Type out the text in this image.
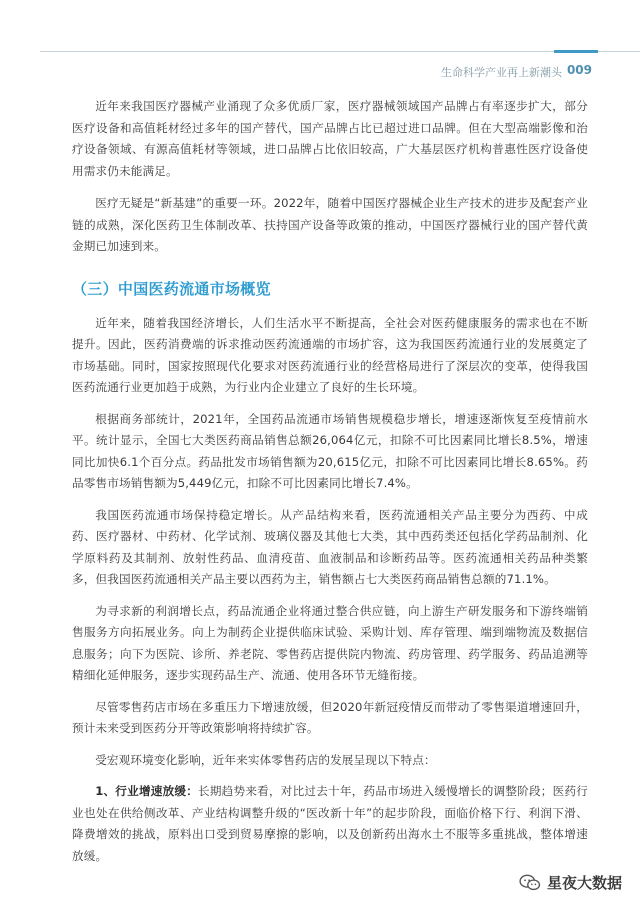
生命科学产业再上新潮头 009

近年来我国医疗器械产业涌现了众多优质厂家，医疗器械领域国产品牌占有率逐步扩大，部分医疗设备和高值耗材经过多年的国产替代，国产品牌占比已超过进口品牌。但在大型高端影像和治疗设备领域、有源高值耗材等领域，进口品牌占比依旧较高，广大基层医疗机构普惠性医疗设备使用需求仍未能满足。

医疗无疑是“新基建”的重要一环。2022年，随着中国医疗器械企业生产技术的进步及配套产业链的成熟，深化医药卫生体制改革、扶持国产设备等政策的推动，中国医疗器械行业的国产替代黄金期已加速到来。

（三）中国医药流通市场概览

近年来，随着我国经济增长，人们生活水平不断提高，全社会对医药健康服务的需求也在不断提升。因此，医药消费端的诉求推动医药流通端的市场扩容，这为我国医药流通行业的发展奠定了市场基础。同时，国家按照现代化要求对医药流通行业的经营格局进行了深层次的变革，使得我国医药流通行业更加趋于成熟，为行业内企业建立了良好的生长环境。

根据商务部统计，2021年，全国药品流通市场销售规模稳步增长，增速逐渐恢复至疫情前水平。统计显示，全国七大类医药商品销售总额26,064亿元，扣除不可比因素同比增长8.5%，增速同比加快6.1个百分点。药品批发市场销售额为20,615亿元，扣除不可比因素同比增长8.65%。药品零售市场销售额为5,449亿元，扣除不可比因素同比增长7.4%。

我国医药流通市场保持稳定增长。从产品结构来看，医药流通相关产品主要分为西药、中成药、医疗器材、中药材、化学试剂、玻璃仪器及其他七大类，其中西药类还包括化学药品制剂、化学原料药及其制剂、放射性药品、血清疫苗、血液制品和诊断药品等。医药流通相关药品种类繁多，但我国医药流通相关产品主要以西药为主，销售额占七大类医药商品销售总额的71.1%。

为寻求新的利润增长点，药品流通企业将通过整合供应链，向上游生产研发服务和下游终端销售服务方向拓展业务。向上为制药企业提供临床试验、采购计划、库存管理、端到端物流及数据信息服务；向下为医院、诊所、养老院、零售药店提供院内物流、药房管理、药学服务、药品追溯等精细化延伸服务，逐步实现药品生产、流通、使用各环节无缝衔接。

尽管零售药店市场在多重压力下增速放缓，但2020年新冠疫情反而带动了零售渠道增速回升，预计未来受到医药分开等政策影响将持续扩容。

受宏观环境变化影响，近年来实体零售药店的发展呈现以下特点：

1、行业增速放缓：长期趋势来看，对比过去十年，药品市场进入缓慢增长的调整阶段；医药行业也处在供给侧改革、产业结构调整升级的“医改新十年”的起步阶段，面临价格下行、利润下滑、降费增效的挑战，原料出口受到贸易摩擦的影响，以及创新药出海水土不服等多重挑战，整体增速放缓。

星夜大数据
